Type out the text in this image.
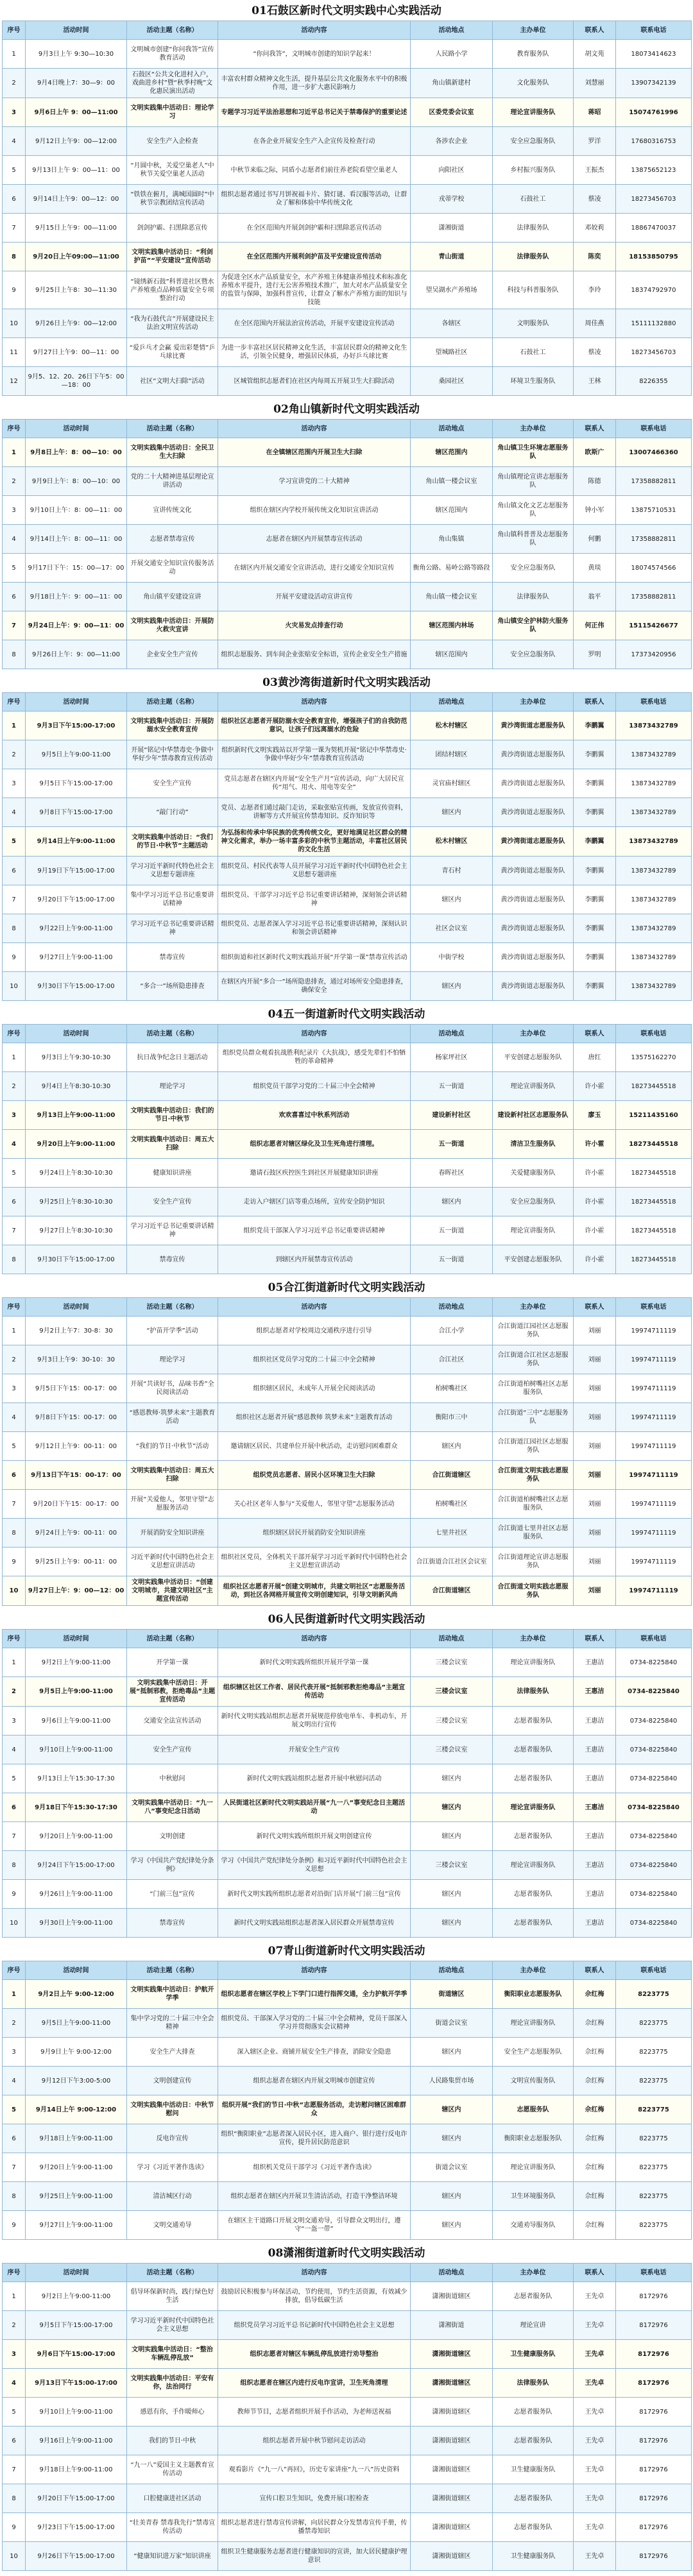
01石鼓区新时代文明实践中心实践活动
序号	活动时间	活动主题（名称）	活动内容	活动地点	主办单位	联系人	联系电话
1	9月3日上午 9:30—10:30	文明城市创建“你问我答”宣传教育活动	“你问我答”，文明城市创建的知识学起来！	人民路小学	教育服务队	胡文苑	18073414623
2	9月4日晚上7：30—9：00	石鼓区“公共文化进村入户，戏曲进乡村”暨“秋季村晚”文化惠民演出活动	丰富农村群众精神文化生活，提升基层公共文化服务水平中的积极作用，进一步扩大惠民影响力	角山镇新建村	文化服务队	刘慧丽	13907342139
3	9月6日上午 9：00—11:00	文明实践集中活动日：理论学习	专题学习习近平法治思想和习近平总书记关于禁毒保护的重要论述	区委党委会议室	理论宣讲服务队	蒋昭	15074761996
4	9月12日上午9：00—12:00	安全生产入企检查	在各企业开展安全生产入企宣传及检查行动	各涉农企业	安全应急服务队	罗洋	17680316753
5	9月13日上午 9：00—11：00	“月圆中秋，关爱空巢老人”中秋节关爱空巢老人活动	中秋节来临之际，同盾小志愿者们前往养老院看望空巢老人	向阳社区	乡村振兴服务队	王振杰	13875652123
6	9月14日上午9：00—12：00	“铁铁在俯月，满城国圆时”中秋节宗教团结宣传活动	组织志愿者通过书写月饼祝福卡片、猜灯谜、看汉服等活动，让群众了解和体验中华传统文化	戎蒂学校	石鼓社工	蔡凌	18273456703
7	9月15日上午9：00—11:00	剑剑护霸、扫黑除恶宣传	在全区范围内开展剑剑护霸和扫黑除恶宣传活动	潇湘街道	法律服务队	邓姣莉	18867470037
8	9月20日上午09:00—11:00	文明实践集中活动日：“利剑护苗”“平安建设”宣传活动	在全区范围内开展利剑护苗及平安建设宣传活动	青山街道	法律服务队	陈奕	18153850795
9	9月25日上午8：30—11:30	“镜绣新石鼓”科普进社区暨水产养殖重点品种质量安全专项整治行动	为促进全区水产品质量安全，水产养殖主体健康养殖技术和标准化养殖水平提升，进行无公害养殖技术推广，加大对水产品质量安全的监管与保障，加强科普宣传，让群众了解水产养殖方面的知识与技能	望吴湖水产养殖场	科技与科普服务队	李玲	18374792970
10	9月26日上午9：00—12:00	“我为石鼓代言”开展建设民主法治文明宣传活动	在全区范围内开展法治宣传活动，开展平安建设宣传活动	各辖区	文明服务队	周佳燕	15111132880
11	9月27日上午9：00—11：00	“爱乒乓才会赢 爱出彩楚情”乒乓球比赛	为进一步丰富社区居民精神文化生活，丰富居民群众的精神文化生活，引领全民健身，增强居民体质，办好乒乓球比赛	望城路社区	石鼓社工	蔡凌	18273456703
12	9月5、12、20、26日下午5：00—18：00	社区“文明大扫除”活动	区城管组织志愿者们在社区内每周五开展卫生大扫除活动	桑园社区	环境卫生服务队	王林	8226355
02角山镇新时代文明实践活动
序号	活动时间	活动主题（名称）	活动内容	活动地点	主办单位	联系人	联系电话
1	9月8日上午：8：00—10：00	文明实践集中活动日：全民卫生大扫除	在全镇辖区范围内开展卫生大扫除	辖区范围内	角山镇卫生环境志愿服务队	欧斯广	13007466360
2	9月9日上午：8：00—10：00	党的二十大精神进基层理论宣讲活动	学习宣讲党的二十大精神	角山镇一楼会议室	角山镇理论宣讲志愿服务队	陈德	17358882811
3	9月10日上午：8：00—11：00	宣讲传统文化	组织在辖区内学校开展传统文化知识宣讲活动	辖区范围内	角山镇文化文艺志愿服务队	钟小军	13875710531
4	9月14日上午：8：00—11：00	志愿者禁毒宣传	志愿者在辖区内开展禁毒宣传活动	角山集镇	角山镇科普普及志愿服务队	何鹏	17358882811
5	9月17日下午：15：00—17：00	开展交通安全知识宣传服务活动	在辖区内开展交通安全宣讲活动，进行交通安全知识宣传	衡角公路、易岭公路等路段	安全应急服务队	黄琰	18074574566
6	9月18日上午：9：00—11：00	角山镇平安建设宣讲	开展平安建设活动宣讲宣传	角山镇一楼会议室	法律服务队	翁平	17358882811
7	9月24日上午：9：00—11：00	文明实践集中活动日：开展防火救灾宣讲	火灾易发点排查行动	辖区范围内林场	角山镇安全护林防火服务队	何正伟	15115426677
8	9月26日上午：9：00—11:00	企业安全生产宣传	组织志愿服务、到车间企业张贴安全标语，宣传企业安全生产措施	辖区范围内	安全应急服务队	罗明	17373420956
03黄沙湾街道新时代文明实践活动
序号	活动时间	活动主题（名称）	活动内容	活动地点	主办单位	联系人	联系电话
1	9月3日下午15:00-17:00	文明实践集中活动日：开展防溺水安全教育宣传	组织社区志愿者开展防溺水安全教育宣传，增强孩子们的自我防范意识，让孩子们远离溺水的危险	松木村辖区	黄沙湾街道志愿服务队	李鹏翼	13873432789
2	9月5日上午9:00-11:00	开展“铭记中华禁毒史·争做中华好少年”禁毒教育宣传活动	组织新时代文明实践站以开学第一课为契机开展“铭记中华禁毒史·争做中华好少年”禁毒教育宣传活动	团结村辖区	黄沙湾街道志愿服务队	李鹏翼	13873432789
3	9月5日下午15:00-17:00	安全生产宣传	党员志愿者在辖区内开展“安全生产月”宣传活动，向广大居民宣传“用气、用火、用电等安全”	灵官庙村辖区	黄沙湾街道志愿服务队	李鹏翼	13873432789
4	9月8日下午15:00-17:00	“敲门行动”	党员、志愿者们通过敲门走访，采取张贴宣传画，发放宣传资料，讲解等方式开展宣传禁毒知识、反诈知识等	辖区内	黄沙湾街道志愿服务队	李鹏翼	13873432789
5	9月14日上午9:00-11:00	文明实践集中活动日：“我们的节日·中秋节”主题活动	为弘扬和传承中华民族的优秀传统文化，更好地满足社区群众的精神文化需求，举办一场丰富多彩的中秋节主题活动，丰富社区居民的文化生活	松木村辖区	黄沙湾街道志愿服务队	李鹏翼	13873432789
6	9月19日下午15:00-17:00	学习习近平新时代特色社会主义思想专题讲座	组织党员、村民代表等人员开展学习习近平新时代中国特色社会主义思想专题讲座	青石村	黄沙湾街道志愿服务队	李鹏翼	13873432789
7	9月20日下午15:00-17:00	集中学习习近平总书记重要讲话精神	组织党员、干部学习习近平总书记重要讲话精神，深刻领会讲话精神	辖区内	黄沙湾街道志愿服务队	李鹏翼	13873432789
8	9月22日上午9:00-11:00	学习习近平总书记重要讲话精神	组织党员、志愿者深入学习习近平总书记重要讲话精神，深刻认识和领会讲话精神	社区会议室	黄沙湾街道志愿服务队	李鹏翼	13873432789
9	9月27日上午9:00-11:00	禁毒宣传	组织街道和社区新时代文明实践站开展“开学第一课”禁毒宣传活动	中街学校	黄沙湾街道志愿服务队	李鹏翼	13873432789
10	9月30日下午15:00-17:00	“多合一”场所隐患排查	在辖区内开展“多合一”场所隐患排查，通过对场所安全隐患排查，确保安全	辖区内	黄沙湾街道志愿服务队	李鹏翼	13873432789
04五一街道新时代文明实践活动
序号	活动时间	活动主题（名称）	活动内容	活动地点	主办单位	联系人	联系电话
1	9月3日上午9:30-10:30	抗日战争纪念日主题活动	组织党员群众观看抗战胜利纪录片《大抗战》，感受先辈们不怕牺牲的革命精神	杨家坪社区	平安创建志愿服务队	唐红	13575162270
2	9月4日上午8:30-10:30	理论学习	组织党员干部学习党的二十届三中全会精神	五一街道	理论宣讲服务队	许小霍	18273445518
3	9月13日上午9:00-11:00	文明实践集中活动日：我们的节日·中秋节	欢欢喜喜过中秋系列活动	建设新村社区	建设新村社区志愿服务队	廖玉	15211435160
4	9月20日上午9:00-11:00	文明实践集中活动日：周五大扫除	组织志愿者对辖区绿化及卫生死角进行清理。	五一街道	清洁卫生服务队	许小霍	18273445518
5	9月24日上午8:30-10:30	健康知识讲座	邀请石鼓区疾控医生到社区开展健康知识讲座	春晖社区	关爱健康服务队	许小霍	18273445518
6	9月25日上午8:30-10:30	安全生产宣传	走访入户辖区门店等重点场所，宣传安全防护知识	辖区内	安全应急服务队	许小霍	18273445518
7	9月27日上午8:30-10:30	学习习近平总书记重要讲话精神	组织党员干部深入学习习近平总书记重要讲话精神	五一街道	理论宣讲服务队	许小霍	18273445518
8	9月30日下午15:00-17:00	禁毒宣传	到辖区内开展禁毒宣传活动	五一街道	平安创建志愿服务队	许小霍	18273445518
05合江街道新时代文明实践活动
序号	活动时间	活动主题（名称）	活动内容	活动地点	主办单位	联系人	联系电话
1	9月2日上午7：30-8：30	“护苗开学季”活动	组织志愿者对学校周边交通秩序进行引导	合江小学	合江街道江园社区志愿服务队	刘丽	19974711119
2	9月3日上午9：30-10：30	理论学习	组织社区党员学习党的二十届三中全会精神	合江社区	合江街道合江社区志愿服务队	刘丽	19974711119
3	9月5日下午15：00-17：00	开展“共读好书，品味书香”全民阅读活动	组织辖区居民，未成年人开展全民阅读活动	柏树嘴社区	合江街道柏树嘴社区志愿服务队	刘丽	19974711119
4	9月8日下午15：00-17：00	“感恩教师·筑梦未来”主题教育活动	组织社区志愿者开展“感恩教师 筑梦未来”主题教育活动	衡阳市三中	合江街道“三中”志愿服务队	刘丽	19974711119
5	9月12日上午9：00-11：00	“我们的节日·中秋节”活动	邀请辖区居民、共建单位开展中秋活动，走访慰问困难群众	辖区内	合江街道江园社区志愿服务队	刘丽	19974711119
6	9月13日下午15：00-17：00	文明实践集中活动日：周五大扫除	组织党员志愿者、居民小区环境卫生大扫除	合江街道辖区	合江街道文明实践志愿服务队	刘丽	19974711119
7	9月20日下午15：00-17：00	开展“关爱他人，邻里守望”志愿服务活动	关心社区老年人参与“关爱他人，邻里守望”志愿服务活动	柏树嘴社区	合江街道柏树嘴社区志愿服务队	刘丽	19974711119
8	9月24日上午9：00-11：00	开展消防安全知识讲座	组织辖区居民开展消防安全知识讲座	七里井社区	合江街道七里井社区志愿服务队	刘丽	19974711119
9	9月25日上午9：00-11：00	习近平新时代中国特色社会主义思想宣讲活动	组织社区党员，全体机关干部开展学习习近平新时代中国特色社会主义思想宣讲活动	合江街道合江社区会议室	合江街道理论宣讲志愿服务队	刘丽	19974711119
10	9月27日上午：9：00—12：00	文明实践集中活动日：“创建文明城市，共建文明社区”主题宣传活动	组织社区志愿者开展“创建文明城市，共建文明社区”志愿服务活动，到社区各网格开展宣传文明创建知识，引导文明新风尚	合江街道辖区	合江街道文明实践志愿服务队	刘丽	19974711119
06人民街道新时代文明实践活动
序号	活动时间	活动主题（名称）	活动内容	活动地点	主办单位	联系人	联系电话
1	9月2日上午9:00-11:00	开学第一课	新时代文明实践所组织开展开学第一课	三楼会议室	理论宣讲服务队	王惠洁	0734-8225840
2	9月5日上午9:00-11:00	文明实践集中活动日：开展“抵制邪教，拒绝毒品”主题宣传活动	组织辖区社区工作者、居民代表开展“抵制邪教拒绝毒品”主题宣传活动	三楼会议室	法律服务队	王惠洁	0734-8225840
3	9月6日上午9:00-11:00	交通安全法宣传活动	新时代文明实践站组织志愿者开展规范停放电单车、非机动车，开展文明出行宣传	三楼会议室	志愿者服务队	王惠洁	0734-8225840
4	9月10日上午9:00-11:00	安全生产宣传	开展安全生产宣传	三楼会议室	志愿者服务队	王惠洁	0734-8225840
5	9月13日上午15:30-17:30	中秋慰问	新时代文明实践站组织志愿者开展中秋慰问活动	辖区内	志愿者服务队	王惠洁	0734-8225840
6	9月18日下午15:30-17:30	文明实践集中活动日：“九一八”事变纪念日活动	人民街道社区新时代文明实践站开展“九一八”事变纪念日主题活动	辖区内	理论宣讲服务队	王惠洁	0734-8225840
7	9月20日上午9:00-11:00	文明创建	新时代文明实践所组织开展文明创建宣传	辖区内	志愿者服务队	王惠洁	0734-8225840
8	9月24日下午15:00-17:00	学习《中国共产党纪律处分条例》	学习《中国共产党纪律处分条例》和习近平新时代中国特色社会主义思想	三楼会议室	理论宣讲服务队	王惠洁	0734-8225840
9	9月26日上午9:00-11:00	“门前三包”宣传	新时代文明实践所组织志愿者对沿街门店开展“门前三包”宣传	辖区内	志愿者服务队	王惠洁	0734-8225840
10	9月30日上午9:00-11:00	禁毒宣传	新时代文明实践站组织志愿者深入居民群众开展禁毒宣传	辖区内	志愿者服务队	王惠洁	0734-8225840
07青山街道新时代文明实践活动
序号	活动时间	活动主题（名称）	活动内容	活动地点	主办单位	联系人	联系电话
1	9月2日上午 9:00-12:00	文明实践集中活动日：护航开学季	组织志愿者在辖区学校上下学门口进行指挥交通，全力护航开学季	街道辖区	衡阳职业志愿服务队	佘红梅	8223775
2	9月5日上午9:00-11:00	集中学习党的二十届三中全会精神	组织党员、干部深入学习党的二十届三中全会精神，党员干部深入学习并贯彻落实会议精神	街道会议室	理论宣讲服务队	佘红梅	8223775
3	9月9日上午 9:00-12:00	安全生产大排查	深入辖区企业、商铺开展安全生产排查，消除安全隐患	辖区内	安全生产志愿服务队	佘红梅	8223775
4	9月12日下午3:00-5:00	文明创建宣传	组织志愿者在辖区内开展文明城市创建宣传	人民路集贸市场	文明宣传服务队	佘红梅	8223775
5	9月14日上午 9:00-12:00	文明实践集中活动日：中秋节慰问	组织开展“我们的节日·中秋”志愿服务活动，走访慰问辖区困难群众	辖区内	志愿服务队	佘红梅	8223775
6	9月18日上午9:00-11:00	反电诈宣传	组织“衡阳职业”志愿者深入居民小区，进入商户、银行进行反电诈宣传，提升居民防范意识	辖区内	衡阳职业志愿服务队	佘红梅	8223775
7	9月20日上午9:00-11:00	学习《习近平著作选读》	组织机关党员干部学习《习近平著作选读》	街道会议室	理论宣讲服务队	佘红梅	8223775
8	9月25日上午9:00-11:00	清洁城区行动	组织志愿者在辖区内开展卫生清洁活动，打造干净整洁环境	辖区内	卫生环境服务队	佘红梅	8223775
9	9月27日上午9:00-11:00	文明交通劝导	在辖区主干道路口开展文明交通劝导，引导群众文明出行，遵守“一盔一带”	辖区内	交通劝导服务队	佘红梅	8223775
08潇湘街道新时代文明实践活动
序号	活动时间	活动主题（名称）	活动内容	活动地点	主办单位	联系人	联系电话
1	9月2日上午9:00-11:00	倡导环保新时尚，践行绿色好生活	鼓励居民积极参与环保活动，节约使用，节约生活资源，有效减少排放，倡导低碳生活	潇湘街道辖区	志愿者服务队	王先卓	8172976
2	9月5日下午15:00-17:00	学习习近平新时代中国特色社会主义思想	组织党员学习习近平总书记新时代中国特色社会主义思想	潇湘街道	理论宣讲	王先卓	8172976
3	9月6日下午15:00-17:00	文明实践集中活动日：“整治车辆乱停乱放”	组织志愿者对辖区车辆乱停乱放进行劝导整治	潇湘街道辖区	卫生健康服务队	王先卓	8172976
4	9月13日下午15:00-17:00	文明实践集中活动日：平安有你，法治同行	组织志愿者在辖区内进行反电诈宣讲，卫生死角清理	潇湘街道辖区	法律服务队	王先卓	8172976
5	9月10日上午9:00-11:00	感恩有你，手作暖师心	教师节节目，志愿者组织开展手作活动，为老师送祝福	潇湘街道辖区	志愿者服务队	王先卓	8172976
6	9月16日上午9:00-11:00	我们的节日·中秋	组织志愿者开展中秋节慰问走访活动	潇湘街道辖区	志愿者服务队	王先卓	8172976
7	9月18日上午9:00-11:00	“九一八”爱国主义主题教育宣传活动	观看影片《“九一八”再回》，历史专家讲座“九一八”历史资料	潇湘街道辖区	卫生健康服务队	王先卓	8172976
8	9月20日下午15:00-17:00	口腔健康进社区活动	宣传口腔卫生知识，免费开展口腔检查	潇湘街道辖区	志愿者服务队	王先卓	8172976
9	9月23日下午15:00-17:00	“壮美青春 禁毒我先行”禁毒宣传活动	组织志愿者进行禁毒宣传讲解，向居民群众分发禁毒宣传手册，传播禁毒知识	潇湘街道辖区	志愿者服务队	王先卓	8172976
10	9月26日下午15:00-17:00	“健康知识进万家”知识讲座	组织卫生健康服务志愿者进行健康知识的宣讲，加大居民健康护理意识	潇湘街道辖区	卫生健康服务队	王先卓	8172976
